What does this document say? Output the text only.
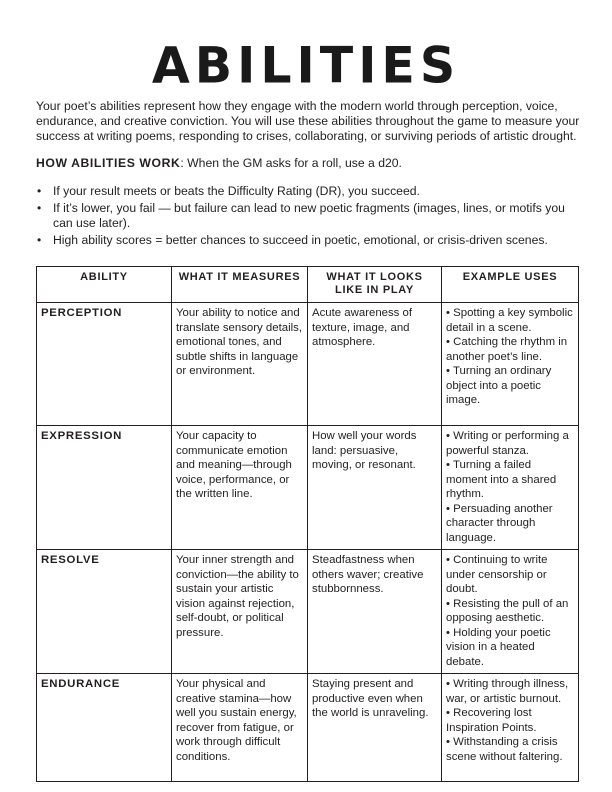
ABILITIES

Your poet’s abilities represent how they engage with the modern world through perception, voice, endurance, and creative conviction. You will use these abilities throughout the game to measure your success at writing poems, responding to crises, collaborating, or surviving periods of artistic drought.

HOW ABILITIES WORK: When the GM asks for a roll, use a d20.

• If your result meets or beats the Difficulty Rating (DR), you succeed.
• If it’s lower, you fail — but failure can lead to new poetic fragments (images, lines, or motifs you can use later).
• High ability scores = better chances to succeed in poetic, emotional, or crisis-driven scenes.
ABILITY	WHAT IT MEASURES	WHAT IT LOOKS LIKE IN PLAY	EXAMPLE USES
PERCEPTION	Your ability to notice and translate sensory details, emotional tones, and subtle shifts in language or environment.	Acute awareness of texture, image, and atmosphere.	• Spotting a key symbolic detail in a scene.
• Catching the rhythm in another poet’s line.
• Turning an ordinary object into a poetic image.

EXPRESSION	Your capacity to communicate emotion and meaning—through voice, performance, or the written line.	How well your words land: persuasive, moving, or resonant.	• Writing or performing a powerful stanza.
• Turning a failed moment into a shared rhythm.
• Persuading another character through language.

RESOLVE	Your inner strength and conviction—the ability to sustain your artistic vision against rejection, self-doubt, or political pressure.	Steadfastness when others waver; creative stubbornness.	• Continuing to write under censorship or doubt.
• Resisting the pull of an opposing aesthetic.
• Holding your poetic vision in a heated debate.

ENDURANCE	Your physical and creative stamina—how well you sustain energy, recover from fatigue, or work through difficult conditions.	Staying present and productive even when the world is unraveling.	• Writing through illness, war, or artistic burnout.
• Recovering lost Inspiration Points.
• Withstanding a crisis scene without faltering.
